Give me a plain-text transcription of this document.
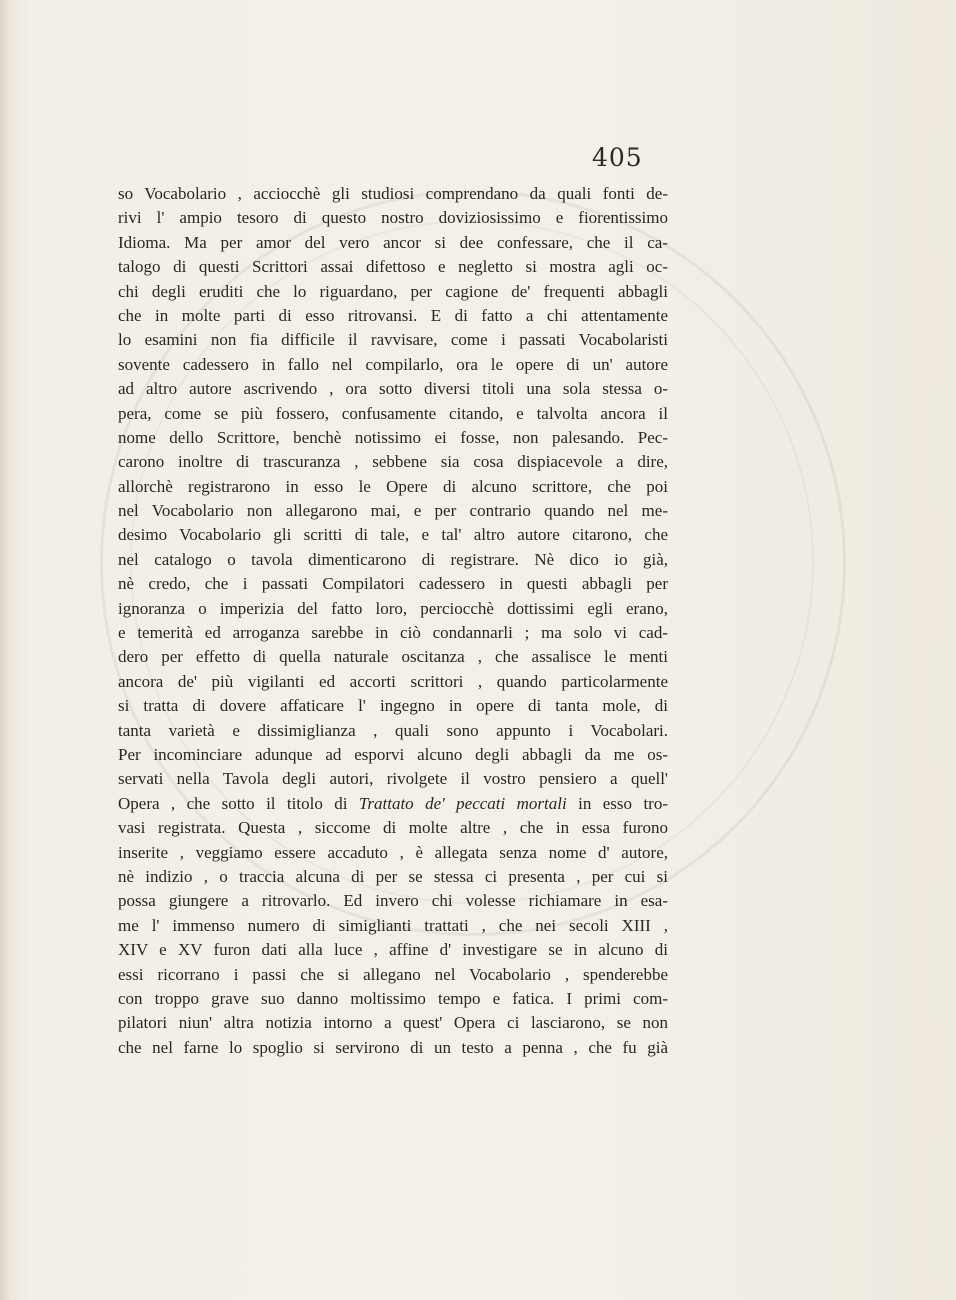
405
so Vocabolario , acciocchè gli studiosi comprendano da quali fonti de-
rivi l' ampio tesoro di questo nostro doviziosissimo e fiorentissimo
Idioma. Ma per amor del vero ancor si dee confessare, che il ca-
talogo di questi Scrittori assai difettoso e negletto si mostra agli oc-
chi degli eruditi che lo riguardano, per cagione de' frequenti abbagli
che in molte parti di esso ritrovansi. E di fatto a chi attentamente
lo esamini non fia difficile il ravvisare, come i passati Vocabolaristi
sovente cadessero in fallo nel compilarlo, ora le opere di un' autore
ad altro autore ascrivendo , ora sotto diversi titoli una sola stessa o-
pera, come se più fossero, confusamente citando, e talvolta ancora il
nome dello Scrittore, benchè notissimo ei fosse, non palesando. Pec-
carono inoltre di trascuranza , sebbene sia cosa dispiacevole a dire,
allorchè registrarono in esso le Opere di alcuno scrittore, che poi
nel Vocabolario non allegarono mai, e per contrario quando nel me-
desimo Vocabolario gli scritti di tale, e tal' altro autore citarono, che
nel catalogo o tavola dimenticarono di registrare. Nè dico io già,
nè credo, che i passati Compilatori cadessero in questi abbagli per
ignoranza o imperizia del fatto loro, perciocchè dottissimi egli erano,
e temerità ed arroganza sarebbe in ciò condannarli ; ma solo vi cad-
dero per effetto di quella naturale oscitanza , che assalisce le menti
ancora de' più vigilanti ed accorti scrittori , quando particolarmente
si tratta di dovere affaticare l' ingegno in opere di tanta mole, di
tanta varietà e dissimiglianza , quali sono appunto i Vocabolari.
Per incominciare adunque ad esporvi alcuno degli abbagli da me os-
servati nella Tavola degli autori, rivolgete il vostro pensiero a quell'
Opera , che sotto il titolo di Trattato de' peccati mortali in esso tro-
vasi registrata. Questa , siccome di molte altre , che in essa furono
inserite , veggiamo essere accaduto , è allegata senza nome d' autore,
nè indizio , o traccia alcuna di per se stessa ci presenta , per cui si
possa giungere a ritrovarlo. Ed invero chi volesse richiamare in esa-
me l' immenso numero di simiglianti trattati , che nei secoli XIII ,
XIV e XV furon dati alla luce , affine d' investigare se in alcuno di
essi ricorrano i passi che si allegano nel Vocabolario , spenderebbe
con troppo grave suo danno moltissimo tempo e fatica. I primi com-
pilatori niun' altra notizia intorno a quest' Opera ci lasciarono, se non
che nel farne lo spoglio si servirono di un testo a penna , che fu già
